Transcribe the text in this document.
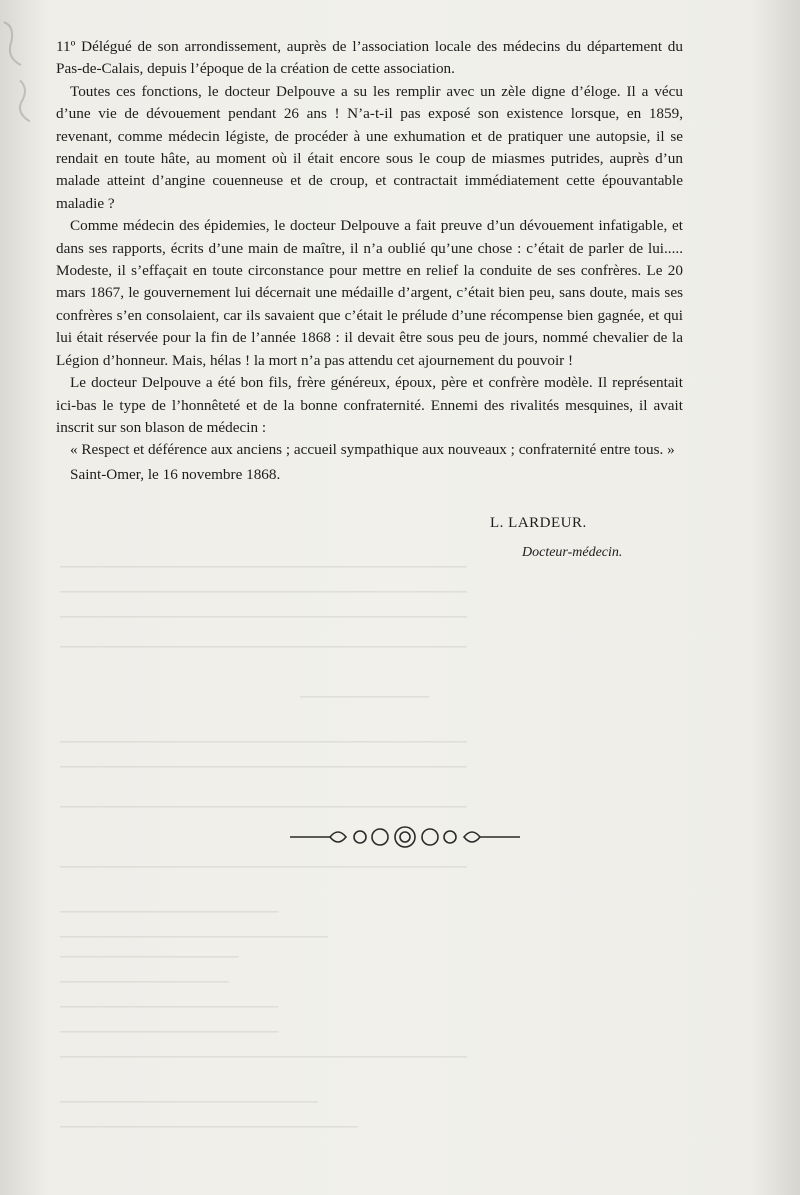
─────────────────────────────────────────
─────────────────────────────────────────
─────────────────────────────────────────
─────────────────────────────────────────
─────────────
─────────────────────────────────────────
─────────────────────────────────────────
─────────────────────────────────────────
─────────────────────────────────────────
──────────────────────
───────────────────────────
──────────────────
─────────────────
──────────────────────
──────────────────────
─────────────────────────────────────────
──────────────────────────
──────────────────────────────

11º Délégué de son arrondissement, auprès de l’association locale des médecins du département du Pas-de-Calais, depuis l’époque de la création de cette association.

Toutes ces fonctions, le docteur Delpouve a su les remplir avec un zèle digne d’éloge. Il a vécu d’une vie de dévouement pendant 26 ans ! N’a-t-il pas exposé son existence lorsque, en 1859, revenant, comme médecin légiste, de procéder à une exhumation et de pratiquer une autopsie, il se rendait en toute hâte, au moment où il était encore sous le coup de miasmes putrides, auprès d’un malade atteint d’angine couenneuse et de croup, et contractait immédiatement cette épouvantable maladie ?

Comme médecin des épidemies, le docteur Delpouve a fait preuve d’un dévouement infatigable, et dans ses rapports, écrits d’une main de maître, il n’a oublié qu’une chose : c’était de parler de lui..... Modeste, il s’effaçait en toute circonstance pour mettre en relief la conduite de ses confrères. Le 20 mars 1867, le gouvernement lui décernait une médaille d’argent, c’était bien peu, sans doute, mais ses confrères s’en consolaient, car ils savaient que c’était le prélude d’une récompense bien gagnée, et qui lui était réservée pour la fin de l’année 1868 : il devait être sous peu de jours, nommé chevalier de la Légion d’honneur. Mais, hélas ! la mort n’a pas attendu cet ajournement du pouvoir !

Le docteur Delpouve a été bon fils, frère généreux, époux, père et confrère modèle. Il représentait ici-bas le type de l’honnêteté et de la bonne confraternité. Ennemi des rivalités mesquines, il avait inscrit sur son blason de médecin :

« Respect et déférence aux anciens ; accueil sympathique aux nouveaux ; confraternité entre tous. »

Saint-Omer, le 16 novembre 1868.

L. LARDEUR.
Docteur-médecin.
